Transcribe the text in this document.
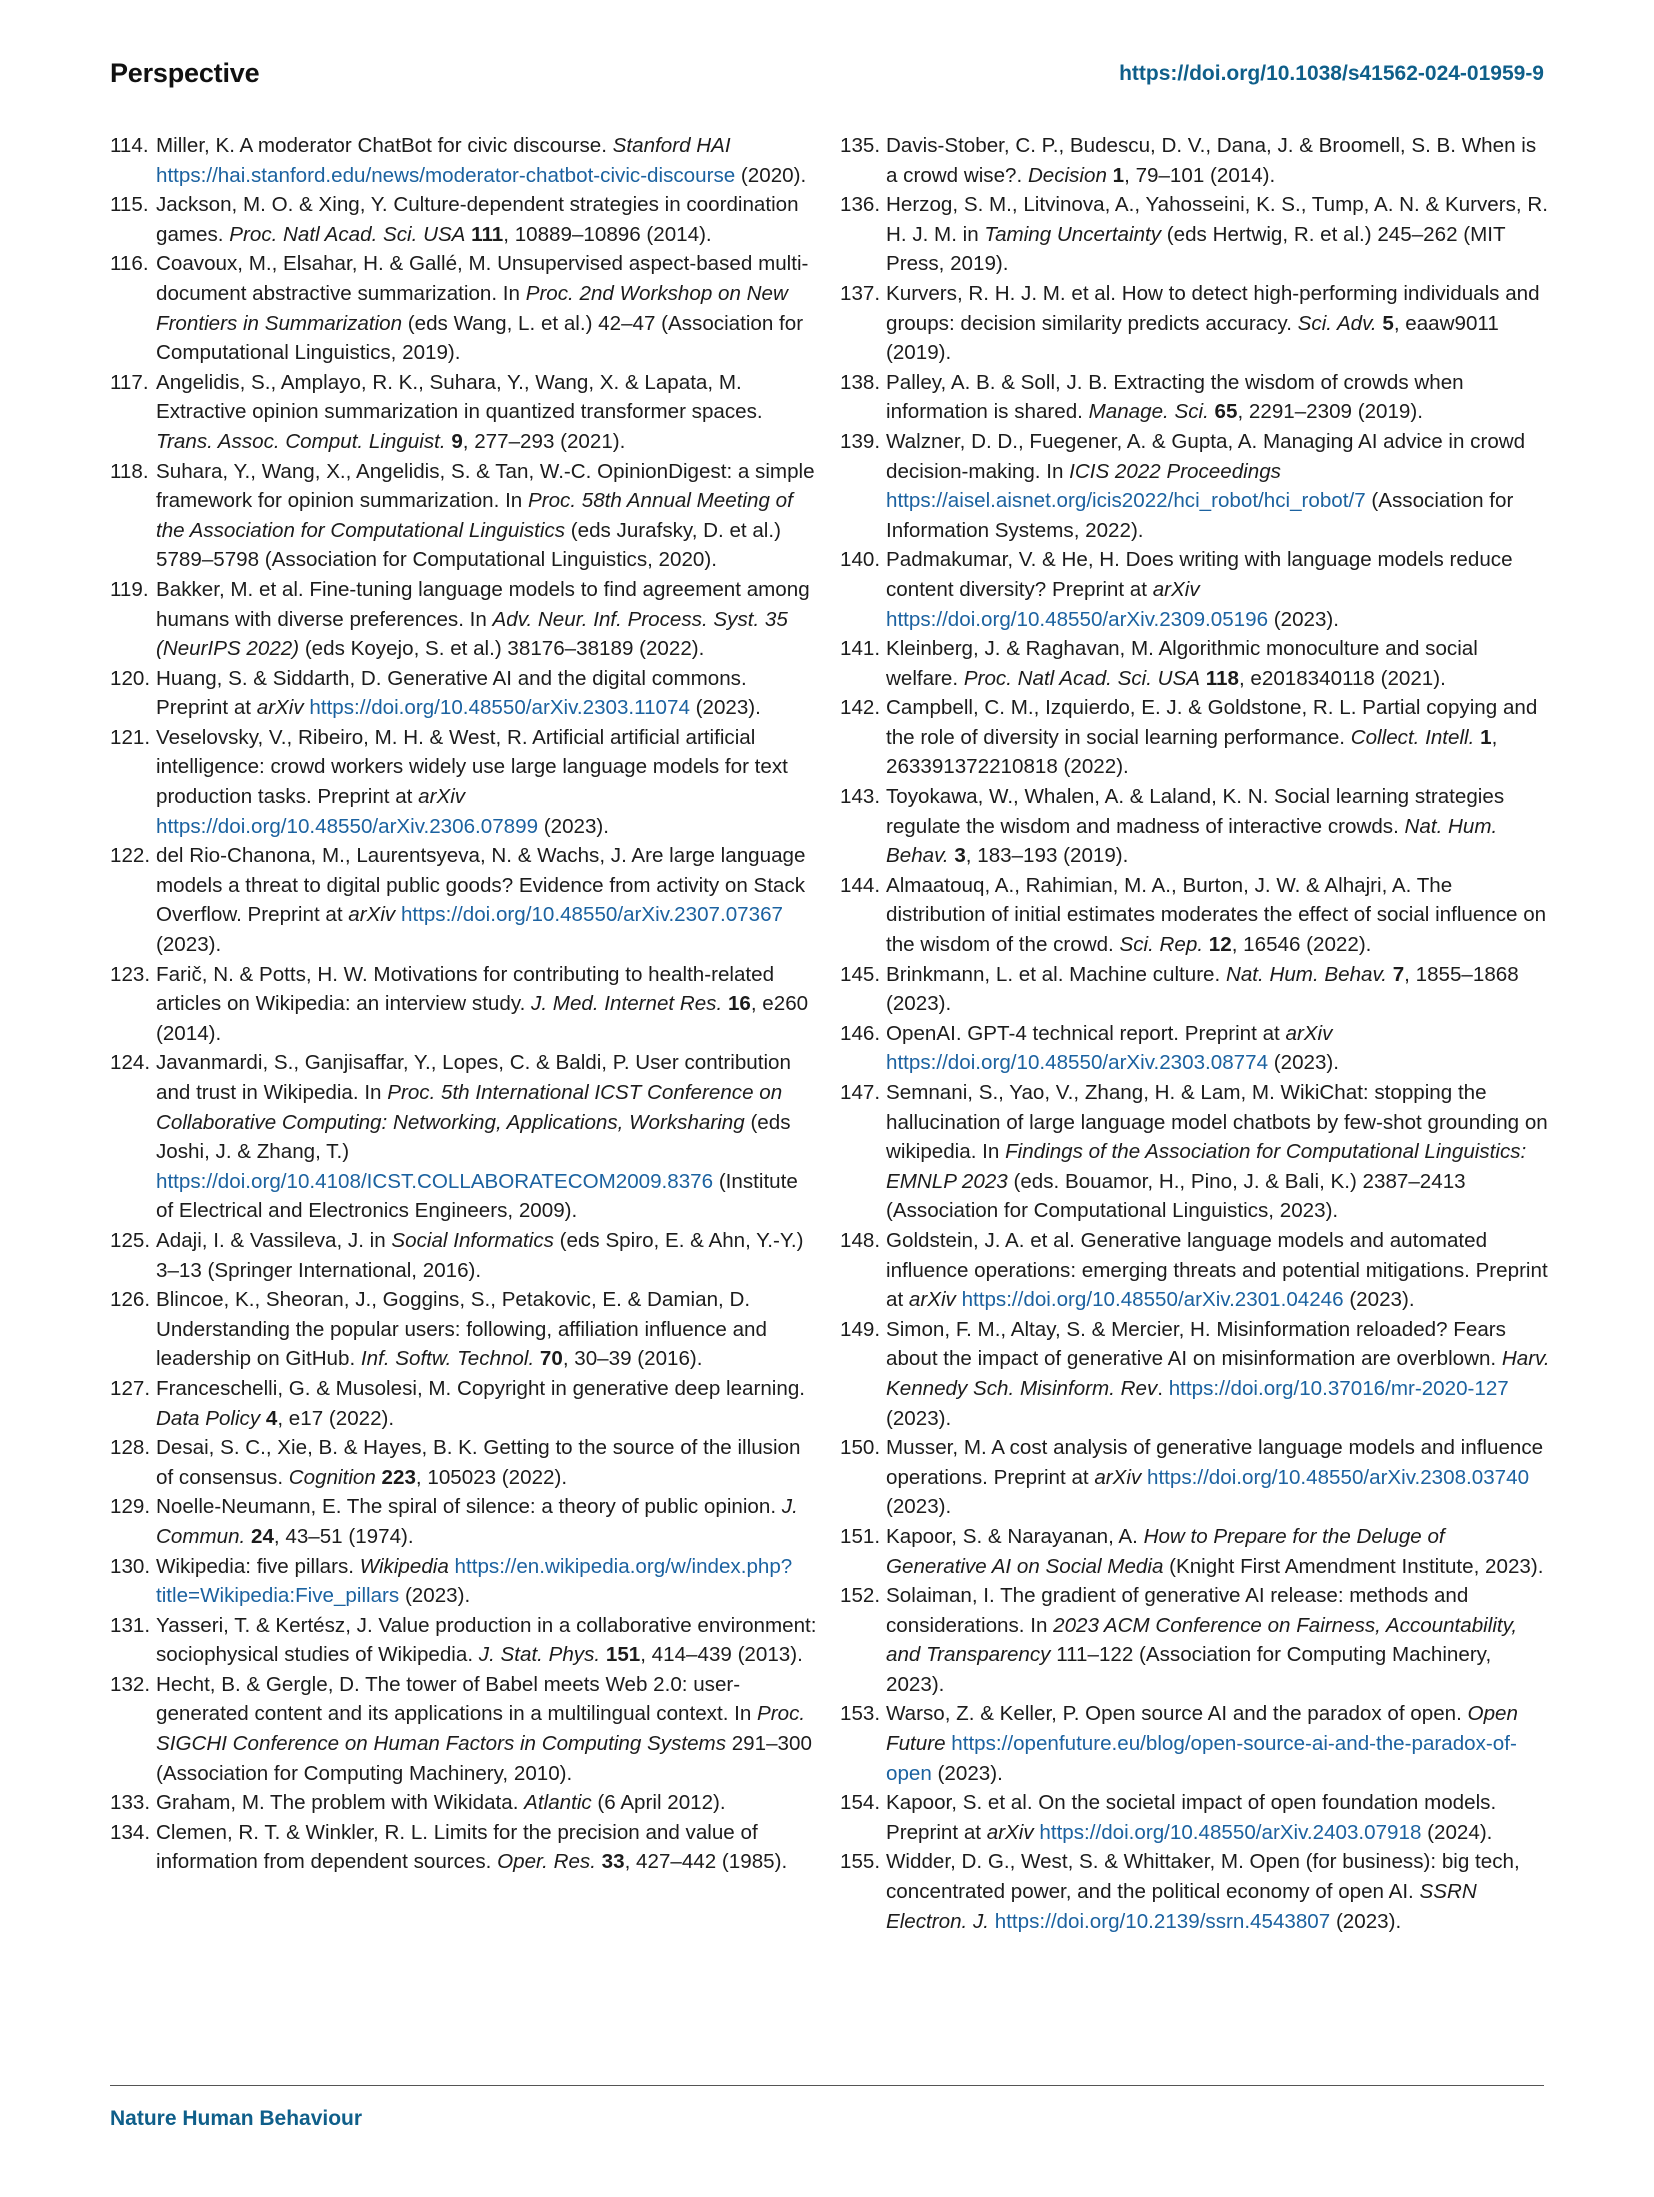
Perspective	https://doi.org/10.1038/s41562-024-01959-9
114. Miller, K. A moderator ChatBot for civic discourse. Stanford HAI https://hai.stanford.edu/news/moderator-chatbot-civic-discourse (2020).
115. Jackson, M. O. & Xing, Y. Culture-dependent strategies in coordination games. Proc. Natl Acad. Sci. USA 111, 10889–10896 (2014).
116. Coavoux, M., Elsahar, H. & Gallé, M. Unsupervised aspect-based multi-document abstractive summarization. In Proc. 2nd Workshop on New Frontiers in Summarization (eds Wang, L. et al.) 42–47 (Association for Computational Linguistics, 2019).
117. Angelidis, S., Amplayo, R. K., Suhara, Y., Wang, X. & Lapata, M. Extractive opinion summarization in quantized transformer spaces. Trans. Assoc. Comput. Linguist. 9, 277–293 (2021).
118. Suhara, Y., Wang, X., Angelidis, S. & Tan, W.-C. OpinionDigest: a simple framework for opinion summarization. In Proc. 58th Annual Meeting of the Association for Computational Linguistics (eds Jurafsky, D. et al.) 5789–5798 (Association for Computational Linguistics, 2020).
119. Bakker, M. et al. Fine-tuning language models to find agreement among humans with diverse preferences. In Adv. Neur. Inf. Process. Syst. 35 (NeurIPS 2022) (eds Koyejo, S. et al.) 38176–38189 (2022).
120. Huang, S. & Siddarth, D. Generative AI and the digital commons. Preprint at arXiv https://doi.org/10.48550/arXiv.2303.11074 (2023).
121. Veselovsky, V., Ribeiro, M. H. & West, R. Artificial artificial artificial intelligence: crowd workers widely use large language models for text production tasks. Preprint at arXiv https://doi.org/10.48550/arXiv.2306.07899 (2023).
122. del Rio-Chanona, M., Laurentsyeva, N. & Wachs, J. Are large language models a threat to digital public goods? Evidence from activity on Stack Overflow. Preprint at arXiv https://doi.org/10.48550/arXiv.2307.07367 (2023).
123. Farič, N. & Potts, H. W. Motivations for contributing to health-related articles on Wikipedia: an interview study. J. Med. Internet Res. 16, e260 (2014).
124. Javanmardi, S., Ganjisaffar, Y., Lopes, C. & Baldi, P. User contribution and trust in Wikipedia. In Proc. 5th International ICST Conference on Collaborative Computing: Networking, Applications, Worksharing (eds Joshi, J. & Zhang, T.) https://doi.org/10.4108/ICST.COLLABORATECOM2009.8376 (Institute of Electrical and Electronics Engineers, 2009).
125. Adaji, I. & Vassileva, J. in Social Informatics (eds Spiro, E. & Ahn, Y.-Y.) 3–13 (Springer International, 2016).
126. Blincoe, K., Sheoran, J., Goggins, S., Petakovic, E. & Damian, D. Understanding the popular users: following, affiliation influence and leadership on GitHub. Inf. Softw. Technol. 70, 30–39 (2016).
127. Franceschelli, G. & Musolesi, M. Copyright in generative deep learning. Data Policy 4, e17 (2022).
128. Desai, S. C., Xie, B. & Hayes, B. K. Getting to the source of the illusion of consensus. Cognition 223, 105023 (2022).
129. Noelle-Neumann, E. The spiral of silence: a theory of public opinion. J. Commun. 24, 43–51 (1974).
130. Wikipedia: five pillars. Wikipedia https://en.wikipedia.org/w/index.php?title=Wikipedia:Five_pillars (2023).
131. Yasseri, T. & Kertész, J. Value production in a collaborative environment: sociophysical studies of Wikipedia. J. Stat. Phys. 151, 414–439 (2013).
132. Hecht, B. & Gergle, D. The tower of Babel meets Web 2.0: user-generated content and its applications in a multilingual context. In Proc. SIGCHI Conference on Human Factors in Computing Systems 291–300 (Association for Computing Machinery, 2010).
133. Graham, M. The problem with Wikidata. Atlantic (6 April 2012).
134. Clemen, R. T. & Winkler, R. L. Limits for the precision and value of information from dependent sources. Oper. Res. 33, 427–442 (1985).
135. Davis-Stober, C. P., Budescu, D. V., Dana, J. & Broomell, S. B. When is a crowd wise?. Decision 1, 79–101 (2014).
136. Herzog, S. M., Litvinova, A., Yahosseini, K. S., Tump, A. N. & Kurvers, R. H. J. M. in Taming Uncertainty (eds Hertwig, R. et al.) 245–262 (MIT Press, 2019).
137. Kurvers, R. H. J. M. et al. How to detect high-performing individuals and groups: decision similarity predicts accuracy. Sci. Adv. 5, eaaw9011 (2019).
138. Palley, A. B. & Soll, J. B. Extracting the wisdom of crowds when information is shared. Manage. Sci. 65, 2291–2309 (2019).
139. Walzner, D. D., Fuegener, A. & Gupta, A. Managing AI advice in crowd decision-making. In ICIS 2022 Proceedings https://aisel.aisnet.org/icis2022/hci_robot/hci_robot/7 (Association for Information Systems, 2022).
140. Padmakumar, V. & He, H. Does writing with language models reduce content diversity? Preprint at arXiv https://doi.org/10.48550/arXiv.2309.05196 (2023).
141. Kleinberg, J. & Raghavan, M. Algorithmic monoculture and social welfare. Proc. Natl Acad. Sci. USA 118, e2018340118 (2021).
142. Campbell, C. M., Izquierdo, E. J. & Goldstone, R. L. Partial copying and the role of diversity in social learning performance. Collect. Intell. 1, 263391372210818 (2022).
143. Toyokawa, W., Whalen, A. & Laland, K. N. Social learning strategies regulate the wisdom and madness of interactive crowds. Nat. Hum. Behav. 3, 183–193 (2019).
144. Almaatouq, A., Rahimian, M. A., Burton, J. W. & Alhajri, A. The distribution of initial estimates moderates the effect of social influence on the wisdom of the crowd. Sci. Rep. 12, 16546 (2022).
145. Brinkmann, L. et al. Machine culture. Nat. Hum. Behav. 7, 1855–1868 (2023).
146. OpenAI. GPT-4 technical report. Preprint at arXiv https://doi.org/10.48550/arXiv.2303.08774 (2023).
147. Semnani, S., Yao, V., Zhang, H. & Lam, M. WikiChat: stopping the hallucination of large language model chatbots by few-shot grounding on wikipedia. In Findings of the Association for Computational Linguistics: EMNLP 2023 (eds. Bouamor, H., Pino, J. & Bali, K.) 2387–2413 (Association for Computational Linguistics, 2023).
148. Goldstein, J. A. et al. Generative language models and automated influence operations: emerging threats and potential mitigations. Preprint at arXiv https://doi.org/10.48550/arXiv.2301.04246 (2023).
149. Simon, F. M., Altay, S. & Mercier, H. Misinformation reloaded? Fears about the impact of generative AI on misinformation are overblown. Harv. Kennedy Sch. Misinform. Rev. https://doi.org/10.37016/mr-2020-127 (2023).
150. Musser, M. A cost analysis of generative language models and influence operations. Preprint at arXiv https://doi.org/10.48550/arXiv.2308.03740 (2023).
151. Kapoor, S. & Narayanan, A. How to Prepare for the Deluge of Generative AI on Social Media (Knight First Amendment Institute, 2023).
152. Solaiman, I. The gradient of generative AI release: methods and considerations. In 2023 ACM Conference on Fairness, Accountability, and Transparency 111–122 (Association for Computing Machinery, 2023).
153. Warso, Z. & Keller, P. Open source AI and the paradox of open. Open Future https://openfuture.eu/blog/open-source-ai-and-the-paradox-of-open (2023).
154. Kapoor, S. et al. On the societal impact of open foundation models. Preprint at arXiv https://doi.org/10.48550/arXiv.2403.07918 (2024).
155. Widder, D. G., West, S. & Whittaker, M. Open (for business): big tech, concentrated power, and the political economy of open AI. SSRN Electron. J. https://doi.org/10.2139/ssrn.4543807 (2023).
Nature Human Behaviour
